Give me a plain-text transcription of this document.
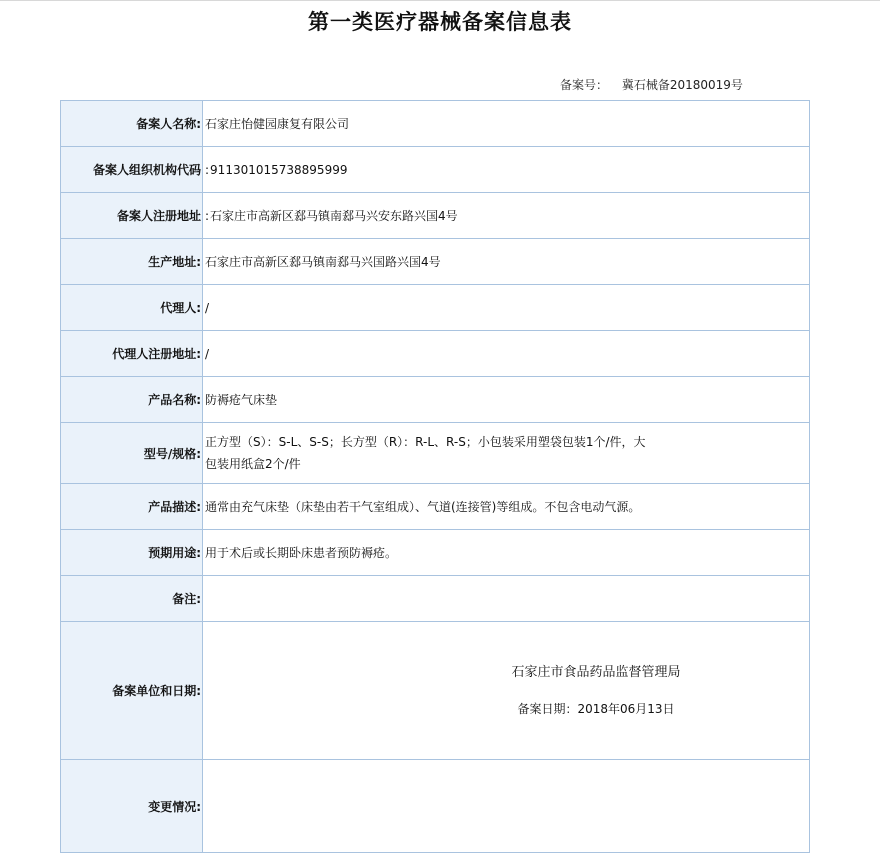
第一类医疗器械备案信息表
备案号： 冀石械备20180019号
备案人名称:	石家庄怡健园康复有限公司
备案人组织机构代码	:911301015738895999
备案人注册地址	:石家庄市高新区郄马镇南郄马兴安东路兴国4号
生产地址:	石家庄市高新区郄马镇南郄马兴国路兴国4号
代理人:	/
代理人注册地址:	/
产品名称:	防褥疮气床垫
型号/规格:	正方型（S）：S-L、S-S；长方型（R）：R-L、R-S；小包装采用塑袋包装1个/件，大
包装用纸盒2个/件

产品描述:	通常由充气床垫（床垫由若干气室组成）、气道(连接管)等组成。不包含电动气源。
预期用途:	用于术后或长期卧床患者预防褥疮。
备注:	
备案单位和日期:	石家庄市食品药品监督管理局
备案日期：2018年06月13日

变更情况:	
